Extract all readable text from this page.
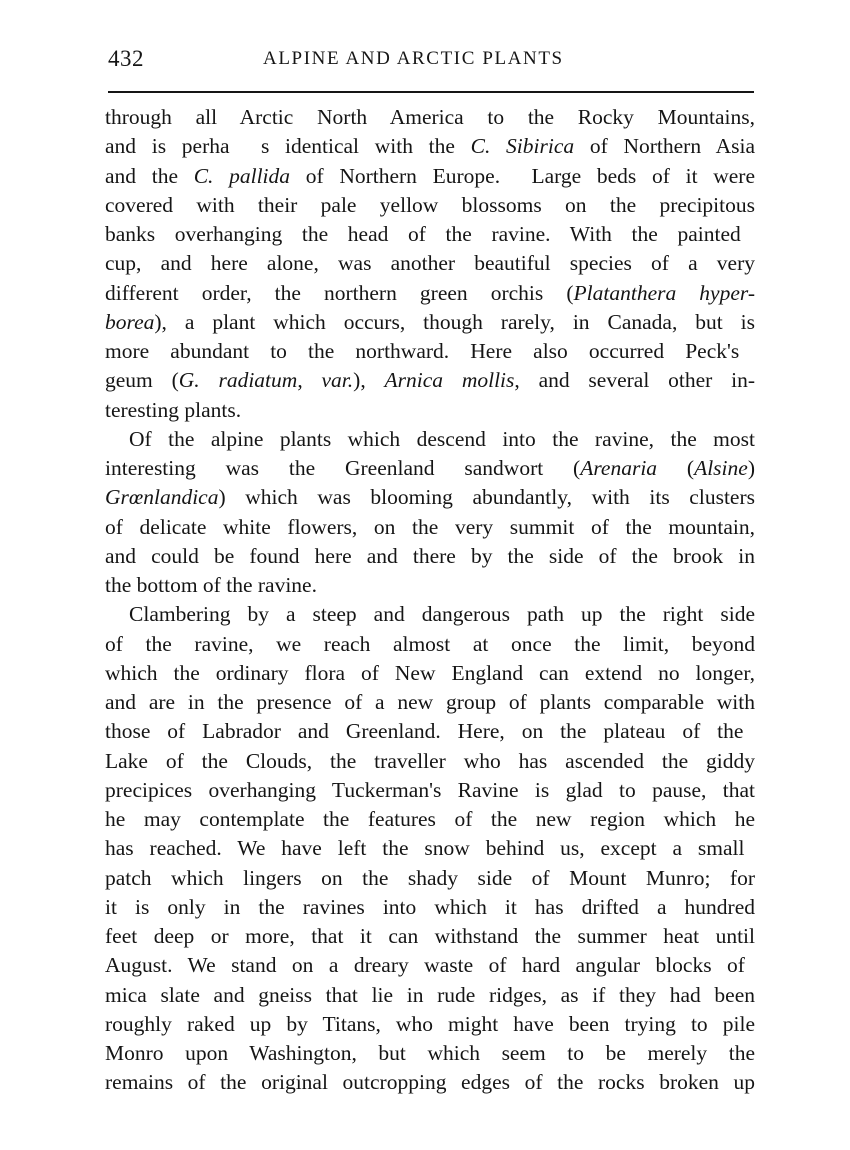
432	ALPINE AND ARCTIC PLANTS
through all Arctic North America to the Rocky Mountains,
and is perha  s identical with the C. Sibirica of Northern Asia
and the C. pallida of Northern Europe.  Large beds of it were
covered with their pale yellow blossoms on the precipitous
banks overhanging the head of the ravine. With the painted
cup, and here alone, was another beautiful species of a very
different order, the northern green orchis (Platanthera hyper-
borea), a plant which occurs, though rarely, in Canada, but is
more abundant to the northward. Here also occurred Peck's
geum (G. radiatum, var.), Arnica mollis, and several other in-
teresting plants.
Of the alpine plants which descend into the ravine, the most
interesting was the Greenland sandwort (Arenaria (Alsine)
Grœnlandica) which was blooming abundantly, with its clusters
of delicate white flowers, on the very summit of the mountain,
and could be found here and there by the side of the brook in
the bottom of the ravine.
Clambering by a steep and dangerous path up the right side
of the ravine, we reach almost at once the limit, beyond
which the ordinary flora of New England can extend no longer,
and are in the presence of a new group of plants comparable with
those of Labrador and Greenland. Here, on the plateau of the
Lake of the Clouds, the traveller who has ascended the giddy
precipices overhanging Tuckerman's Ravine is glad to pause, that
he may contemplate the features of the new region which he
has reached. We have left the snow behind us, except a small
patch which lingers on the shady side of Mount Munro; for
it is only in the ravines into which it has drifted a hundred
feet deep or more, that it can withstand the summer heat until
August. We stand on a dreary waste of hard angular blocks of
mica slate and gneiss that lie in rude ridges, as if they had been
roughly raked up by Titans, who might have been trying to pile
Monro upon Washington, but which seem to be merely the
remains of the original outcropping edges of the rocks broken up
